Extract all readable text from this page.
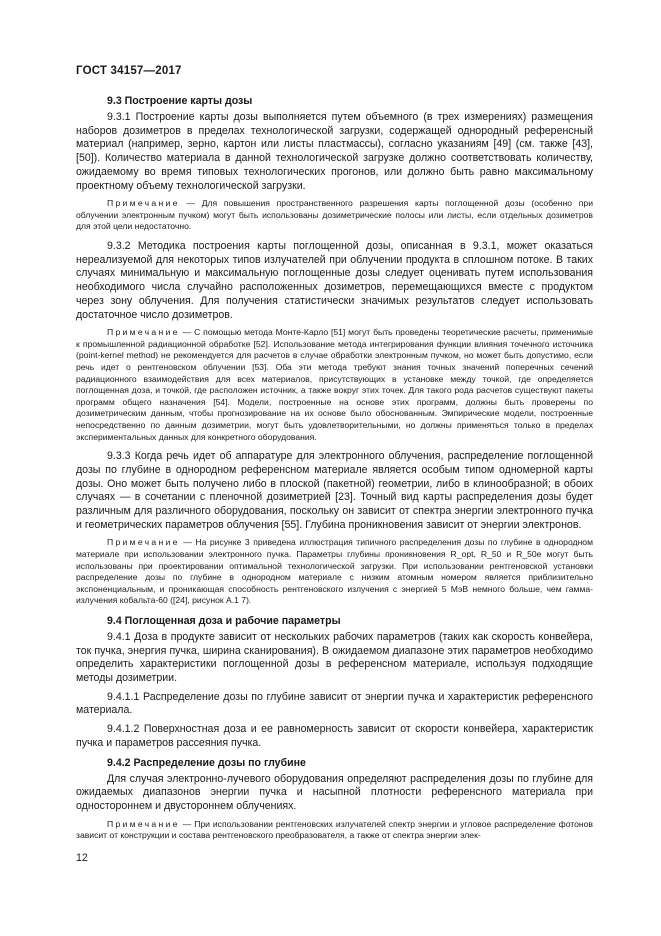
ГОСТ 34157—2017
9.3 Построение карты дозы

9.3.1 Построение карты дозы выполняется путем объемного (в трех измерениях) размещения наборов дозиметров в пределах технологической загрузки, содержащей однородный референсный материал (например, зерно, картон или листы пластмассы), согласно указаниям [49] (см. также [43], [50]). Количество материала в данной технологической загрузке должно соответствовать количеству, ожидаемому во время типовых технологических прогонов, или должно быть равно максимальному проектному объему технологической загрузки.

Примечание — Для повышения пространственного разрешения карты поглощенной дозы (особенно при облучении электронным пучком) могут быть использованы дозиметрические полосы или листы, если отдельных дозиметров для этой цели недостаточно.

9.3.2 Методика построения карты поглощенной дозы, описанная в 9.3.1, может оказаться нереализуемой для некоторых типов излучателей при облучении продукта в сплошном потоке. В таких случаях минимальную и максимальную поглощенные дозы следует оценивать путем использования необходимого числа случайно расположенных дозиметров, перемещающихся вместе с продуктом через зону облучения. Для получения статистически значимых результатов следует использовать достаточное число дозиметров.

Примечание — С помощью метода Монте-Карло [51] могут быть проведены теоретические расчеты, применимые к промышленной радиационной обработке [52]. Использование метода интегрирования функции влияния точечного источника (point-kernel method) не рекомендуется для расчетов в случае обработки электронным пучком, но может быть допустимо, если речь идет о рентгеновском облучении [53]. Оба эти метода требуют знания точных значений поперечных сечений радиационного взаимодействия для всех материалов, присутствующих в установке между точкой, где определяется поглощенная доза, и точкой, где расположен источник, а также вокруг этих точек. Для такого рода расчетов существуют пакеты программ общего назначения [54]. Модели, построенные на основе этих программ, должны быть проверены по дозиметрическим данным, чтобы прогнозирование на их основе было обоснованным. Эмпирические модели, построенные непосредственно по данным дозиметрии, могут быть удовлетворительными, но должны применяться только в пределах экспериментальных данных для конкретного оборудования.

9.3.3 Когда речь идет об аппаратуре для электронного облучения, распределение поглощенной дозы по глубине в однородном референсном материале является особым типом одномерной карты дозы. Оно может быть получено либо в плоской (пакетной) геометрии, либо в клинообразной; в обоих случаях — в сочетании с пленочной дозиметрией [23]. Точный вид карты распределения дозы будет различным для различного оборудования, поскольку он зависит от спектра энергии электронного пучка и геометрических параметров облучения [55]. Глубина проникновения зависит от энергии электронов.

Примечание — На рисунке 3 приведена иллюстрация типичного распределения дозы по глубине в однородном материале при использовании электронного пучка. Параметры глубины проникновения R_opt, R_50 и R_50e могут быть использованы при проектировании оптимальной технологической загрузки. При использовании рентгеновской установки распределение дозы по глубине в однородном материале с низким атомным номером является приблизительно экспоненциальным, и проникающая способность рентгеновского излучения с энергией 5 МэВ немного больше, чем гамма-излучения кобальта-60 ([24], рисунок А.1 7).

9.4 Поглощенная доза и рабочие параметры

9.4.1 Доза в продукте зависит от нескольких рабочих параметров (таких как скорость конвейера, ток пучка, энергия пучка, ширина сканирования). В ожидаемом диапазоне этих параметров необходимо определить характеристики поглощенной дозы в референсном материале, используя подходящие методы дозиметрии.

9.4.1.1 Распределение дозы по глубине зависит от энергии пучка и характеристик референсного материала.

9.4.1.2 Поверхностная доза и ее равномерность зависит от скорости конвейера, характеристик пучка и параметров рассеяния пучка.

9.4.2 Распределение дозы по глубине

Для случая электронно-лучевого оборудования определяют распределения дозы по глубине для ожидаемых диапазонов энергии пучка и насыпной плотности референсного материала при одностороннем и двустороннем облучениях.

Примечание — При использовании рентгеновских излучателей спектр энергии и угловое распределение фотонов зависит от конструкции и состава рентгеновского преобразователя, а также от спектра энергии элек-

12
